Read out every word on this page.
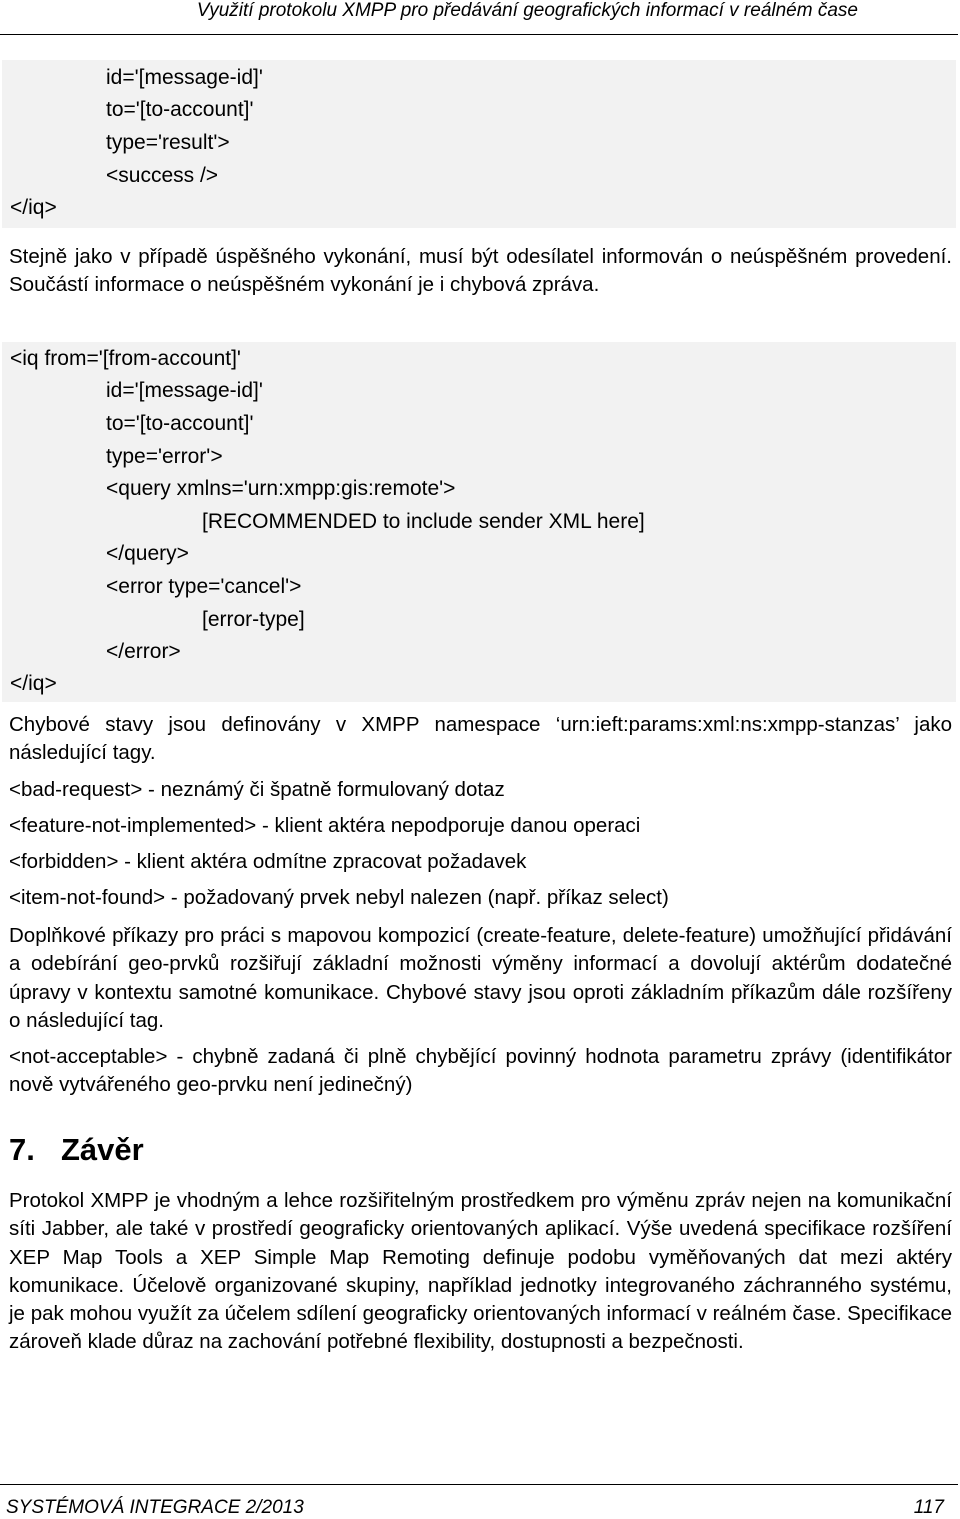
Využití protokolu XMPP pro předávání geografických informací v reálném čase
id='[message-id]'
to='[to-account]'
type='result'>
<success />
</iq>
Stejně jako v případě úspěšného vykonání, musí být odesílatel informován o neúspěšném provedení. Součástí informace o neúspěšném vykonání je i chybová zpráva.
<iq from='[from-account]'
id='[message-id]'
to='[to-account]'
type='error'>
<query xmlns='urn:xmpp:gis:remote'>
[RECOMMENDED to include sender XML here]
</query>
<error type='cancel'>
[error-type]
</error>
</iq>
Chybové stavy jsou definovány v XMPP namespace ‘urn:ieft:params:xml:ns:xmpp-stanzas’ jako následující tagy.
<bad-request> - neznámý či špatně formulovaný dotaz
<feature-not-implemented> - klient aktéra nepodporuje danou operaci
<forbidden> - klient aktéra odmítne zpracovat požadavek
<item-not-found> - požadovaný prvek nebyl nalezen (např. příkaz select)
Doplňkové příkazy pro práci s mapovou kompozicí (create-feature, delete-feature) umožňující přidávání a odebírání geo-prvků rozšiřují základní možnosti výměny informací a dovolují aktérům dodatečné úpravy v kontextu samotné komunikace. Chybové stavy jsou oproti základním příkazům dále rozšířeny o následující tag.
<not-acceptable> - chybně zadaná či plně chybějící povinný hodnota parametru zprávy (identifikátor nově vytvářeného geo-prvku není jedinečný)
7. Závěr
Protokol XMPP je vhodným a lehce rozšiřitelným prostředkem pro výměnu zpráv nejen na komunikační síti Jabber, ale také v prostředí geograficky orientovaných aplikací. Výše uvedená specifikace rozšíření XEP Map Tools a XEP Simple Map Remoting definuje podobu vyměňovaných dat mezi aktéry komunikace. Účelově organizované skupiny, například jednotky integrovaného záchranného systému, je pak mohou využít za účelem sdílení geograficky orientovaných informací v reálném čase. Specifikace zároveň klade důraz na zachování potřebné flexibility, dostupnosti a bezpečnosti.
SYSTÉMOVÁ INTEGRACE 2/2013	117
